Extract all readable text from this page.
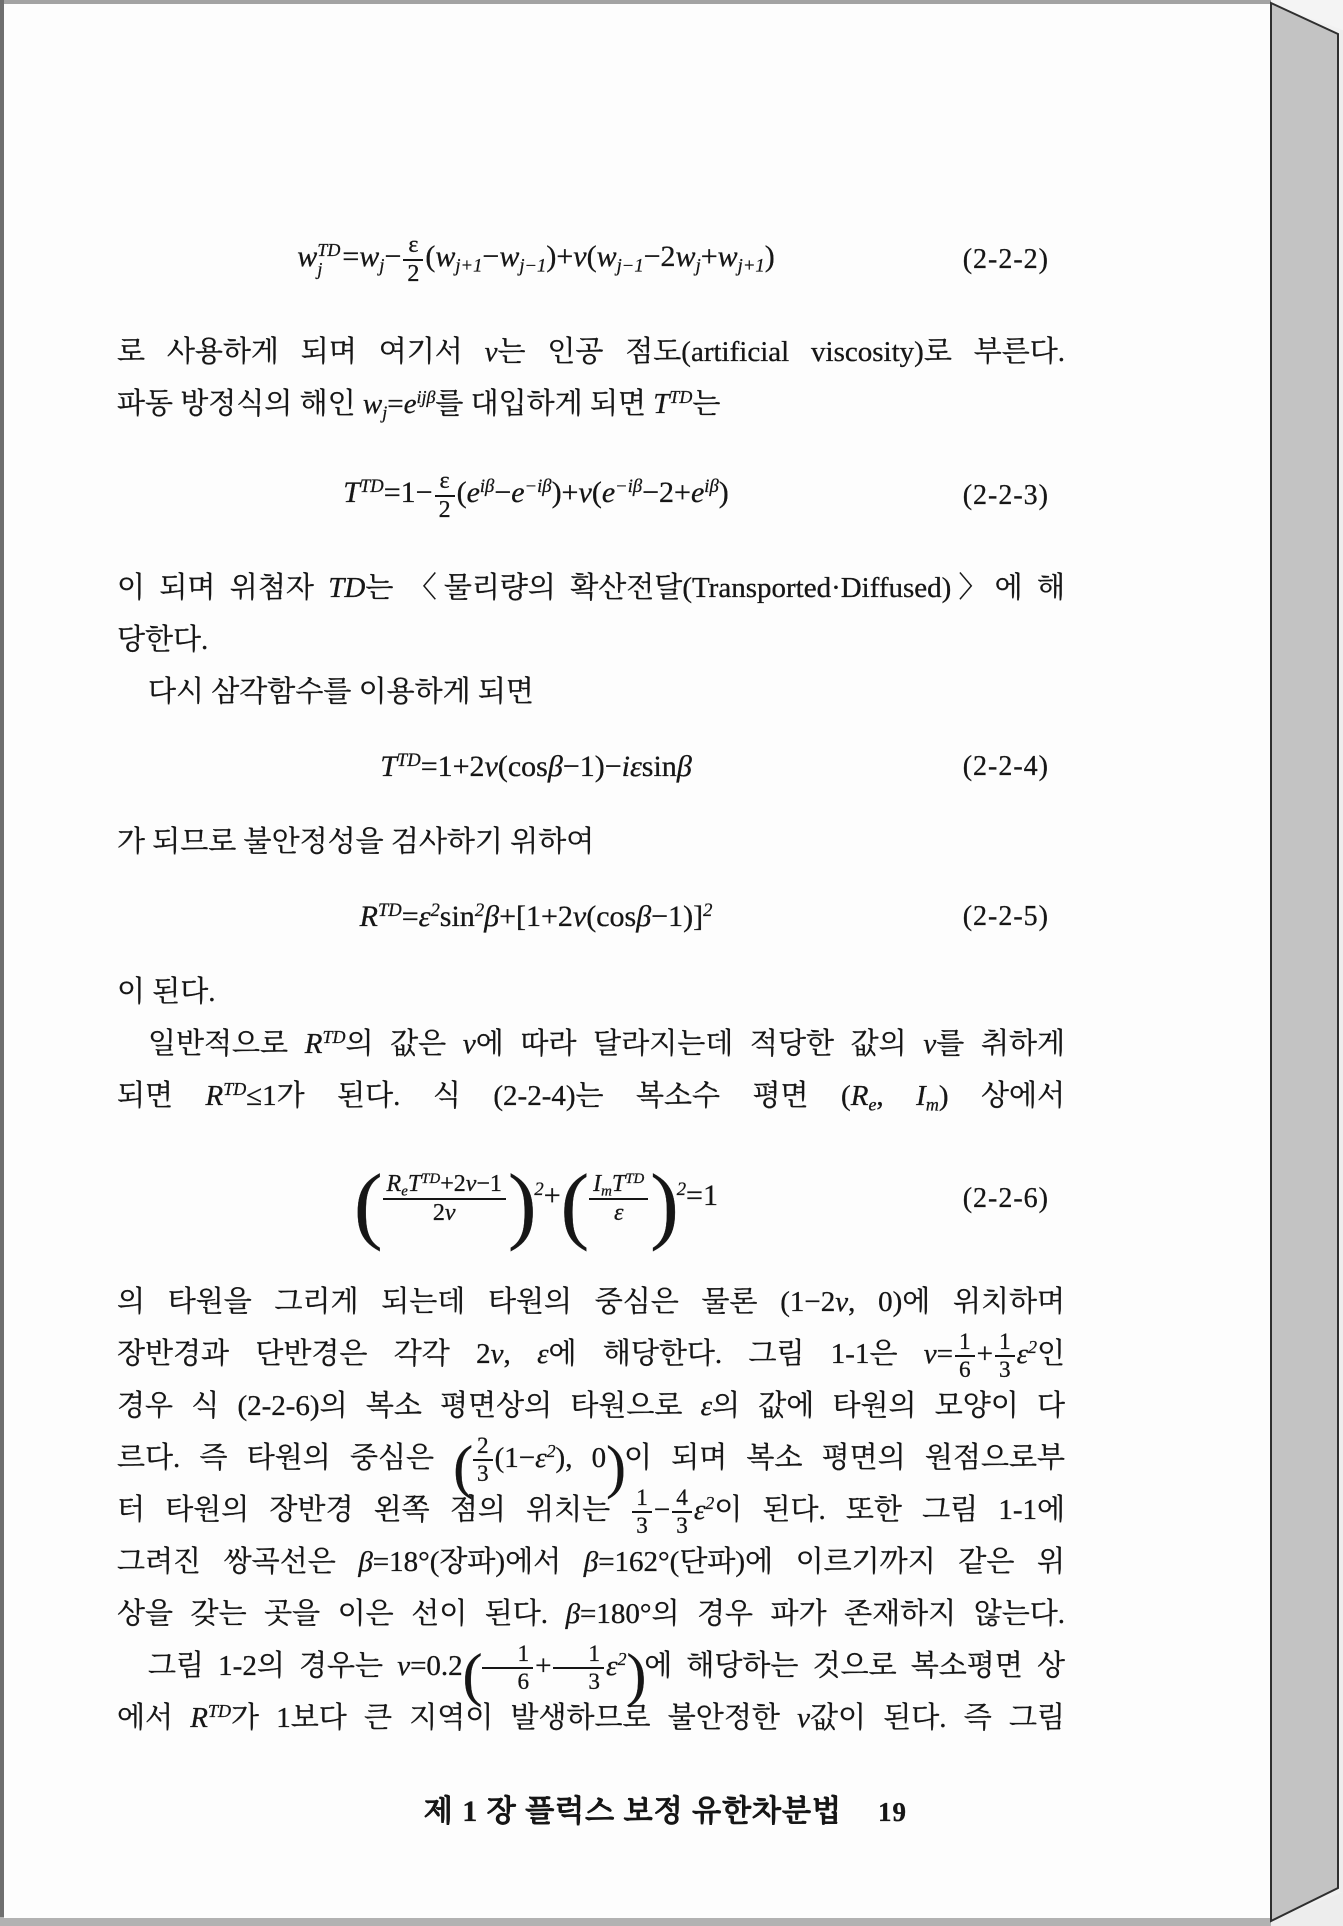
w TD
$j =w_j- \frac{\varepsilon}{2} (w_{j+1}-w_{j-1})+\nu(w_{j-1}-2w_j+w_{j+1})$	(2-2-2)
로 사용하게 되며 여기서 ν는 인공 점도(artificial viscosity)로 부른다.
파동 방정식의 해인 $w_j=e^{ij\beta}$를 대입하게 되면 $T^{TD}$는
$T^{TD}=1- \frac{\varepsilon}{2} (e^{i\beta}-e^{-i\beta})+\nu(e^{-i\beta}-2+e^{i\beta})$	(2-2-3)
이 되며 위첨자 TD는 〈물리량의 확산전달(Transported·Diffused)〉에 해
당한다.
다시 삼각함수를 이용하게 되면
$T^{TD}=1+2\nu(\cos\beta-1)-i\varepsilon\sin\beta$	(2-2-4)
가 되므로 불안정성을 검사하기 위하여
$R^{TD}=\varepsilon^2\sin^2\beta+[1+2\nu(\cos\beta-1)]^2$	(2-2-5)
이 된다.
일반적으로 $R^{TD}$의 값은 ν에 따라 달라지는데 적당한 값의 ν를 취하게
되면 $R^{TD}\le 1$가 된다. 식 (2-2-4)는 복소수 평면 ($R_e$, $I_m$) 상에서
( $R_eT^{TD}+2\nu-1$
2ν )$^2$+( $I_mT^{TD}$
ε )$^2$=1	(2-2-6)
의 타원을 그리게 되는데 타원의 중심은 물론 (1−2ν, 0)에 위치하며
장반경과 단반경은 각각 2ν, ε에 해당한다. 그림 1-1은 $\nu= \frac{1}{6} + \frac{1}{3} \varepsilon^2$인
경우 식 (2-2-6)의 복소 평면상의 타원으로 ε의 값에 타원의 모양이 다
르다. 즉 타원의 중심은 ( $\frac{2}{3} (1-\varepsilon^2)$, 0)이 되며 복소 평면의 원점으로부
터 타원의 장반경 왼쪽 점의 위치는 $\frac{1}{3} - \frac{4}{3} \varepsilon^2$이 된다. 또한 그림 1-1에
그려진 쌍곡선은 β=18°(장파)에서 β=162°(단파)에 이르기까지 같은 위
상을 갖는 곳을 이은 선이 된다. β=180°의 경우 파가 존재하지 않는다.
그림 1-2의 경우는 $\nu=0.2( \frac{1}{6} + \frac{1}{3} \varepsilon^2)$에 해당하는 것으로 복소평면 상
에서 $R^{TD}$가 1보다 큰 지역이 발생하므로 불안정한 ν값이 된다. 즉 그림
제 1 장 플럭스 보정 유한차분법 19
